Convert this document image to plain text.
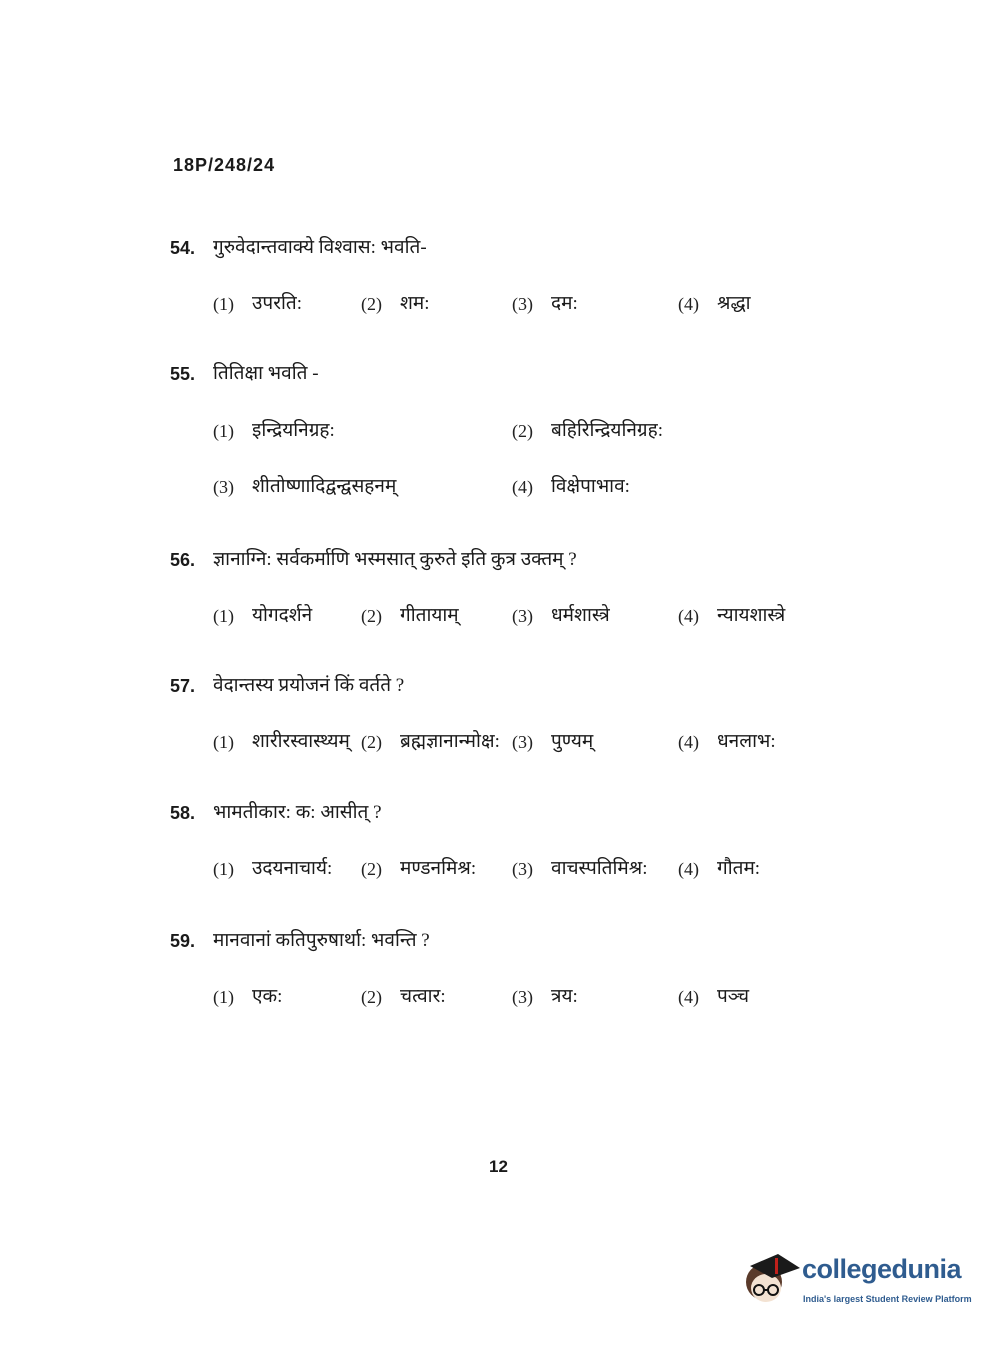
18P/248/24
54. गुरुवेदान्तवाक्ये विश्वास: भवति-
(1) उपरति:	(2) शम:	(3) दम:	(4) श्रद्धा
55. तितिक्षा भवति -
(1) इन्द्रियनिग्रह:	(2) बहिरिन्द्रियनिग्रह:
(3) शीतोष्णादिद्वन्द्वसहनम्	(4) विक्षेपाभाव:
56. ज्ञानाग्नि: सर्वकर्माणि भस्मसात् कुरुते इति कुत्र उक्तम् ?
(1) योगदर्शने	(2) गीतायाम्	(3) धर्मशास्त्रे	(4) न्यायशास्त्रे
57. वेदान्तस्य प्रयोजनं किं वर्तते ?
(1) शारीरस्वास्थ्यम् (2) ब्रह्मज्ञानान्मोक्ष: (3) पुण्यम्	(4) धनलाभ:
58. भामतीकार: क: आसीत् ?
(1) उदयनाचार्य: (2) मण्डनमिश्र: (3) वाचस्पतिमिश्र: (4) गौतम:
59. मानवानां कतिपुरुषार्था: भवन्ति ?
(1) एक:	(2) चत्वार:	(3) त्रय:	(4) पञ्च
12
collegedunia
India's largest Student Review Platform
